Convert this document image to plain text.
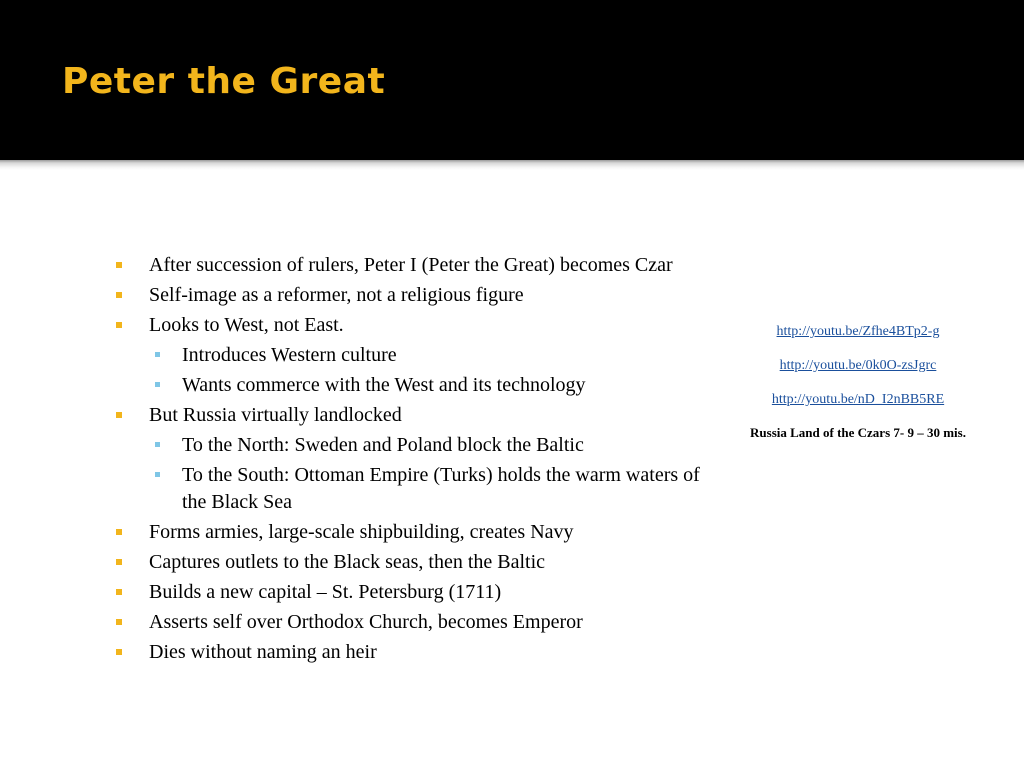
Peter the Great
After succession of rulers, Peter I (Peter the Great) becomes Czar
Self-image as a reformer, not a religious figure
Looks to West, not East.
Introduces Western culture
Wants commerce with the West and its technology
But Russia virtually landlocked
To the North: Sweden and Poland block the Baltic
To the South: Ottoman Empire (Turks) holds the warm waters of the Black Sea
Forms armies, large-scale shipbuilding, creates Navy
Captures outlets to the Black seas, then the Baltic
Builds a new capital – St. Petersburg (1711)
Asserts self over Orthodox Church, becomes Emperor
Dies without naming an heir
http://youtu.be/Zfhe4BTp2-g
http://youtu.be/0k0O-zsJgrc
http://youtu.be/nD_I2nBB5RE
Russia Land of the Czars 7- 9 – 30 mis.
